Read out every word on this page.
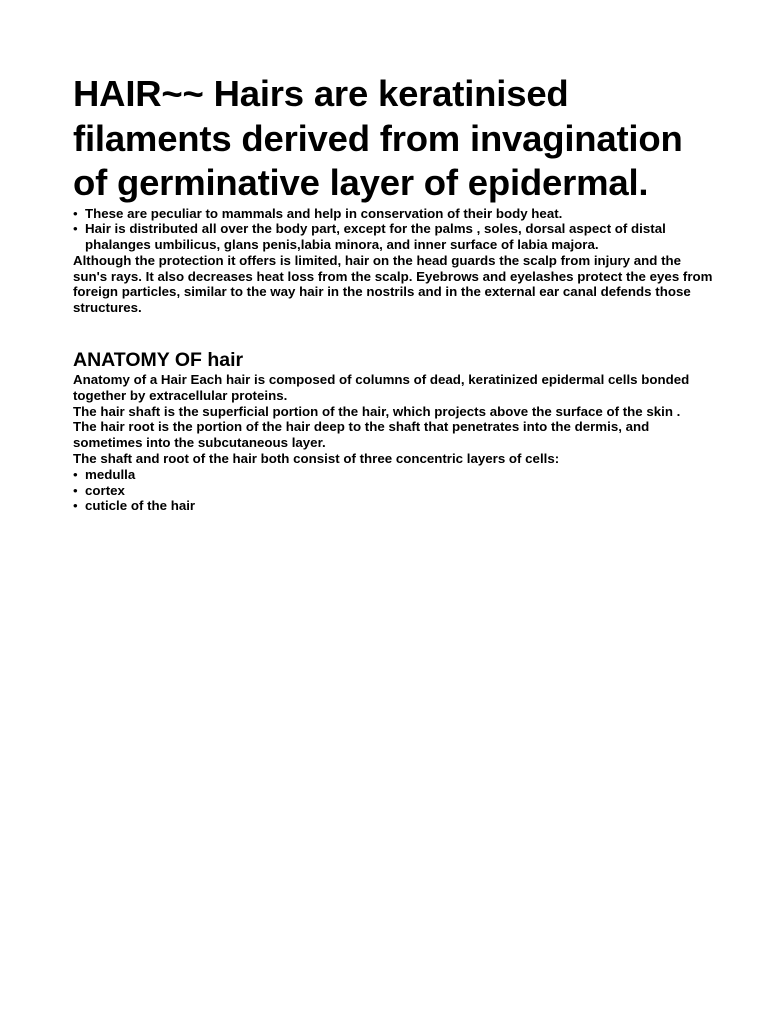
HAIR~~ Hairs are keratinised filaments derived from invagination of germinative layer of epidermal.
• These are peculiar to mammals and help in conservation of their body heat.
• Hair is distributed all over the body part, except for the palms , soles, dorsal aspect of distal phalanges umbilicus, glans penis,labia minora, and inner surface of labia majora.

Although the protection it offers is limited, hair on the head guards the scalp from injury and the sun's rays. It also decreases heat loss from the scalp. Eyebrows and eyelashes protect the eyes from foreign particles, similar to the way hair in the nostrils and in the external ear canal defends those structures.

ANATOMY OF hair

Anatomy of a Hair Each hair is composed of columns of dead, keratinized epidermal cells bonded together by extracellular proteins.

The hair shaft is the superficial portion of the hair, which projects above the surface of the skin .

The hair root is the portion of the hair deep to the shaft that penetrates into the dermis, and sometimes into the subcutaneous layer.

The shaft and root of the hair both consist of three concentric layers of cells:

• medulla
• cortex
• cuticle of the hair
